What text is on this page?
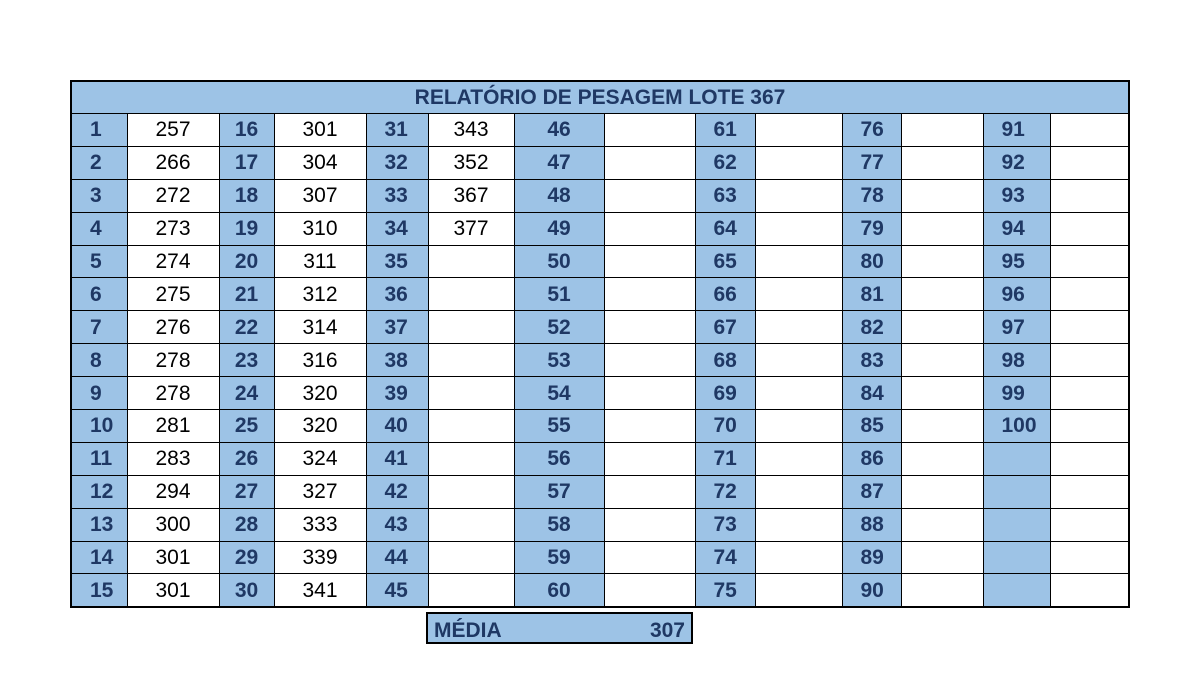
RELATÓRIO DE PESAGEM LOTE 367													
1	257	16	301	31	343	46		61		76		91	
2	266	17	304	32	352	47		62		77		92	
3	272	18	307	33	367	48		63		78		93	
4	273	19	310	34	377	49		64		79		94	
5	274	20	311	35		50		65		80		95	
6	275	21	312	36		51		66		81		96	
7	276	22	314	37		52		67		82		97	
8	278	23	316	38		53		68		83		98	
9	278	24	320	39		54		69		84		99	
10	281	25	320	40		55		70		85		100	
11	283	26	324	41		56		71		86			
12	294	27	327	42		57		72		87			
13	300	28	333	43		58		73		88			
14	301	29	339	44		59		74		89			
15	301	30	341	45		60		75		90			
MÉDIA	307
